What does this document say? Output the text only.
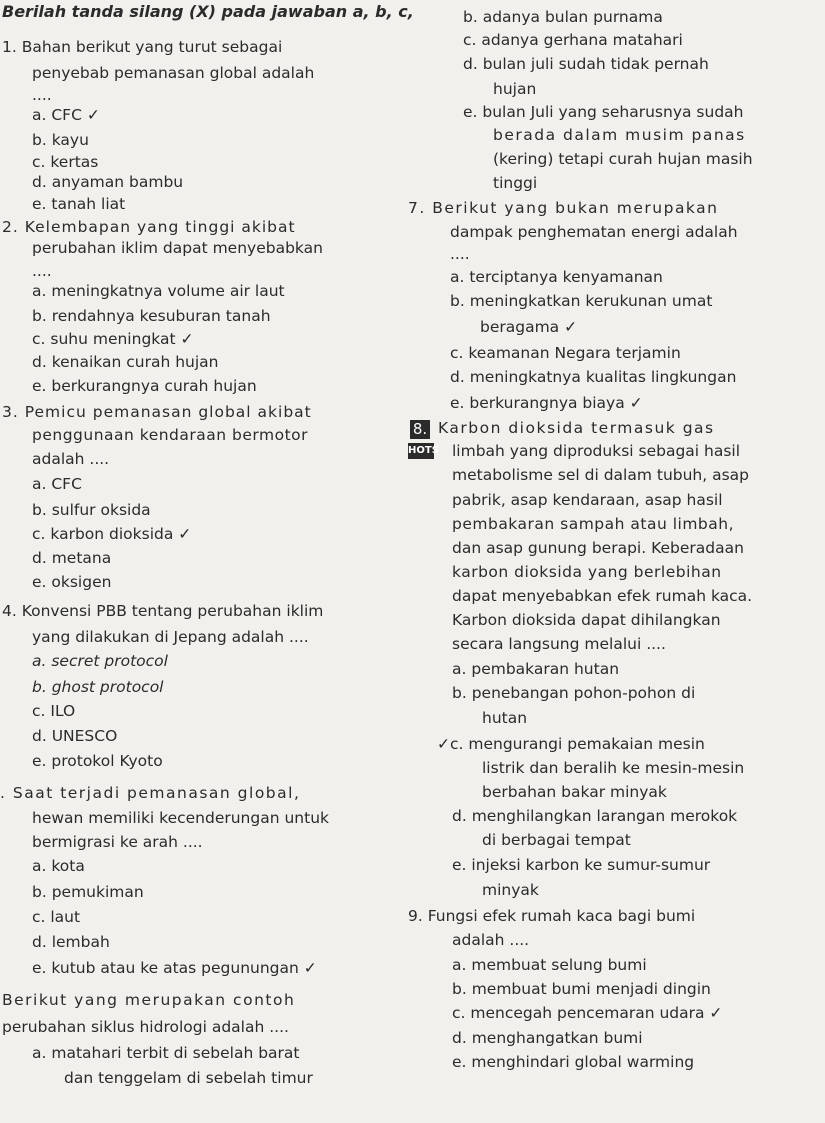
Berilah tanda silang (X) pada jawaban a, b, c,
1. Bahan berikut yang turut sebagai
penyebab pemanasan global adalah
....
a. CFC ✓
b. kayu
c. kertas
d. anyaman bambu
e. tanah liat
2. Kelembapan yang tinggi akibat
perubahan iklim dapat menyebabkan
....
a. meningkatnya volume air laut
b. rendahnya kesuburan tanah
c. suhu meningkat ✓
d. kenaikan curah hujan
e. berkurangnya curah hujan
3. Pemicu pemanasan global akibat
penggunaan kendaraan bermotor
adalah ....
a. CFC
b. sulfur oksida
c. karbon dioksida ✓
d. metana
e. oksigen
4. Konvensi PBB tentang perubahan iklim
yang dilakukan di Jepang adalah ....
a. secret protocol
b. ghost protocol
c. ILO
d. UNESCO
e. protokol Kyoto
. Saat terjadi pemanasan global,
hewan memiliki kecenderungan untuk
bermigrasi ke arah ....
a. kota
b. pemukiman
c. laut
d. lembah
e. kutub atau ke atas pegunungan ✓
Berikut yang merupakan contoh
perubahan siklus hidrologi adalah ....
a. matahari terbit di sebelah barat
dan tenggelam di sebelah timur
b. adanya bulan purnama
c. adanya gerhana matahari
d. bulan juli sudah tidak pernah
hujan
e. bulan Juli yang seharusnya sudah
berada dalam musim panas
(kering) tetapi curah hujan masih
tinggi
7. Berikut yang bukan merupakan
dampak penghematan energi adalah
....
a. terciptanya kenyamanan
b. meningkatkan kerukunan umat
beragama ✓
c. keamanan Negara terjamin
d. meningkatnya kualitas lingkungan
e. berkurangnya biaya ✓
8.
HOTS
Karbon dioksida termasuk gas
limbah yang diproduksi sebagai hasil
metabolisme sel di dalam tubuh, asap
pabrik, asap kendaraan, asap hasil
pembakaran sampah atau limbah,
dan asap gunung berapi. Keberadaan
karbon dioksida yang berlebihan
dapat menyebabkan efek rumah kaca.
Karbon dioksida dapat dihilangkan
secara langsung melalui ....
a. pembakaran hutan
b. penebangan pohon-pohon di
hutan
✓c. mengurangi pemakaian mesin
listrik dan beralih ke mesin-mesin
berbahan bakar minyak
d. menghilangkan larangan merokok
di berbagai tempat
e. injeksi karbon ke sumur-sumur
minyak
9. Fungsi efek rumah kaca bagi bumi
adalah ....
a. membuat selung bumi
b. membuat bumi menjadi dingin
c. mencegah pencemaran udara ✓
d. menghangatkan bumi
e. menghindari global warming
